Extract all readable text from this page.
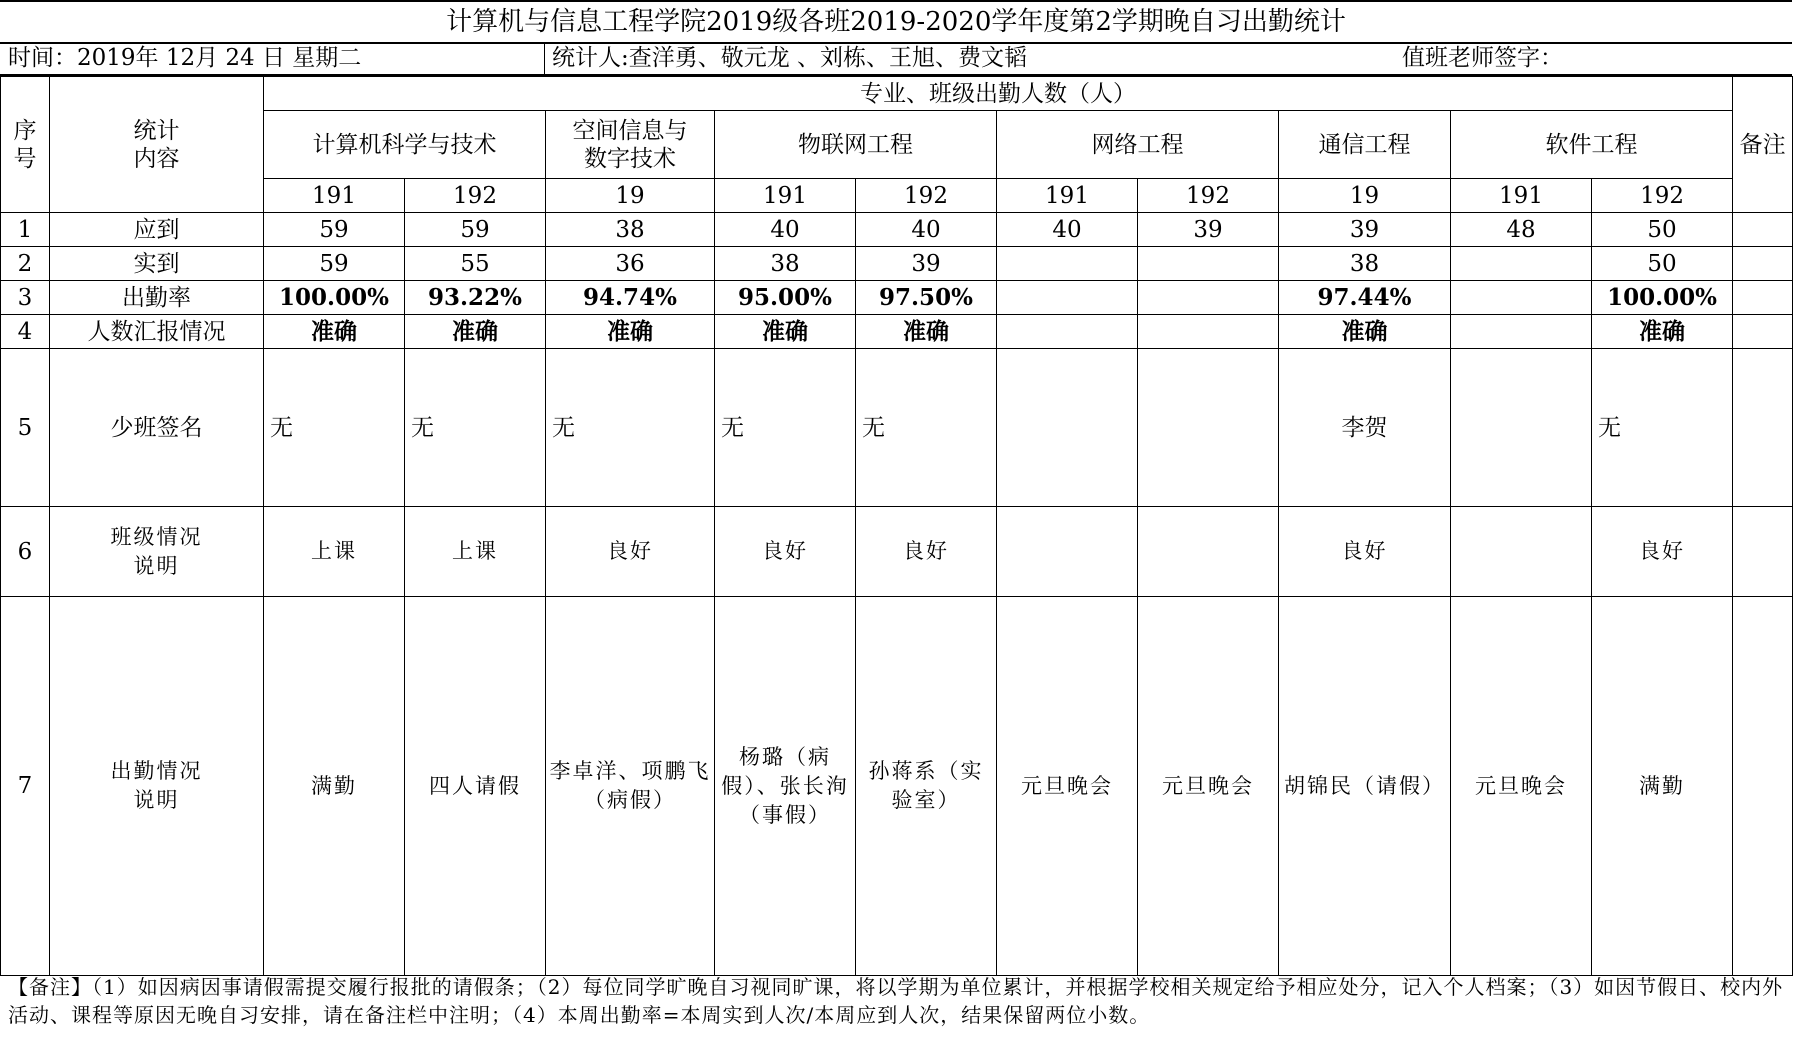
计算机与信息工程学院2019级各班2019-2020学年度第2学期晚自习出勤统计
时间：2019年 12月 24 日 星期二	统计人:查洋勇、敬元龙 、刘栋、王旭、费文韬	值班老师签字：
序号	统计
内容	专业、班级出勤人数（人）										备注
		计算机科学与技术		空间信息与
数字技术	物联网工程		网络工程		通信工程	软件工程		
		191	192	19	191	192	191	192	19	191	192	
1	应到	59	59	38	40	40	40	39	39	48	50	
2	实到	59	55	36	38	39			38		50	
3	出勤率	100.00%	93.22%	94.74%	95.00%	97.50%			97.44%		100.00%	
4	人数汇报情况	准确	准确	准确	准确	准确			准确		准确	
5	少班签名	无	无	无	无	无			李贺		无	
6	班级情况
说明	上课	上课	良好	良好	良好			良好		良好	
7	出勤情况
说明	满勤	四人请假	李卓洋、项鹏飞（病假）	杨璐（病假）、张长洵（事假）	孙蒋系（实验室）	元旦晚会	元旦晚会	胡锦民（请假）	元旦晚会	满勤	
【备注】（1）如因病因事请假需提交履行报批的请假条；（2）每位同学旷晚自习视同旷课，将以学期为单位累计，并根据学校相关规定给予相应处分，记入个人档案；（3）如因节假日、校内外活动、课程等原因无晚自习安排，请在备注栏中注明；（4）本周出勤率=本周实到人次/本周应到人次，结果保留两位小数。
